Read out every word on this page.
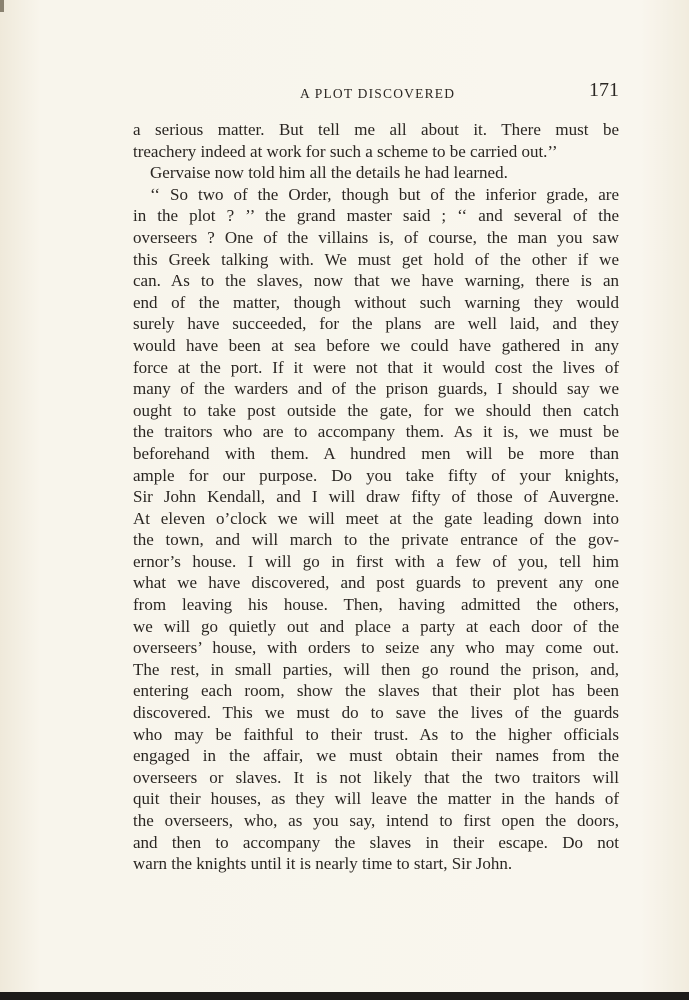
A PLOT DISCOVERED	171
a serious matter. But tell me all about it. There must be
treachery indeed at work for such a scheme to be carried out.’’
Gervaise now told him all the details he had learned.
‘‘ So two of the Order, though but of the inferior grade, are
in the plot ? ’’ the grand master said ; ‘‘ and several of the
overseers ? One of the villains is, of course, the man you saw
this Greek talking with. We must get hold of the other if we
can. As to the slaves, now that we have warning, there is an
end of the matter, though without such warning they would
surely have succeeded, for the plans are well laid, and they
would have been at sea before we could have gathered in any
force at the port. If it were not that it would cost the lives of
many of the warders and of the prison guards, I should say we
ought to take post outside the gate, for we should then catch
the traitors who are to accompany them. As it is, we must be
beforehand with them. A hundred men will be more than
ample for our purpose. Do you take fifty of your knights,
Sir John Kendall, and I will draw fifty of those of Auvergne.
At eleven o’clock we will meet at the gate leading down into
the town, and will march to the private entrance of the gov-
ernor’s house. I will go in first with a few of you, tell him
what we have discovered, and post guards to prevent any one
from leaving his house. Then, having admitted the others,
we will go quietly out and place a party at each door of the
overseers’ house, with orders to seize any who may come out.
The rest, in small parties, will then go round the prison, and,
entering each room, show the slaves that their plot has been
discovered. This we must do to save the lives of the guards
who may be faithful to their trust. As to the higher officials
engaged in the affair, we must obtain their names from the
overseers or slaves. It is not likely that the two traitors will
quit their houses, as they will leave the matter in the hands of
the overseers, who, as you say, intend to first open the doors,
and then to accompany the slaves in their escape. Do not
warn the knights until it is nearly time to start, Sir John.
